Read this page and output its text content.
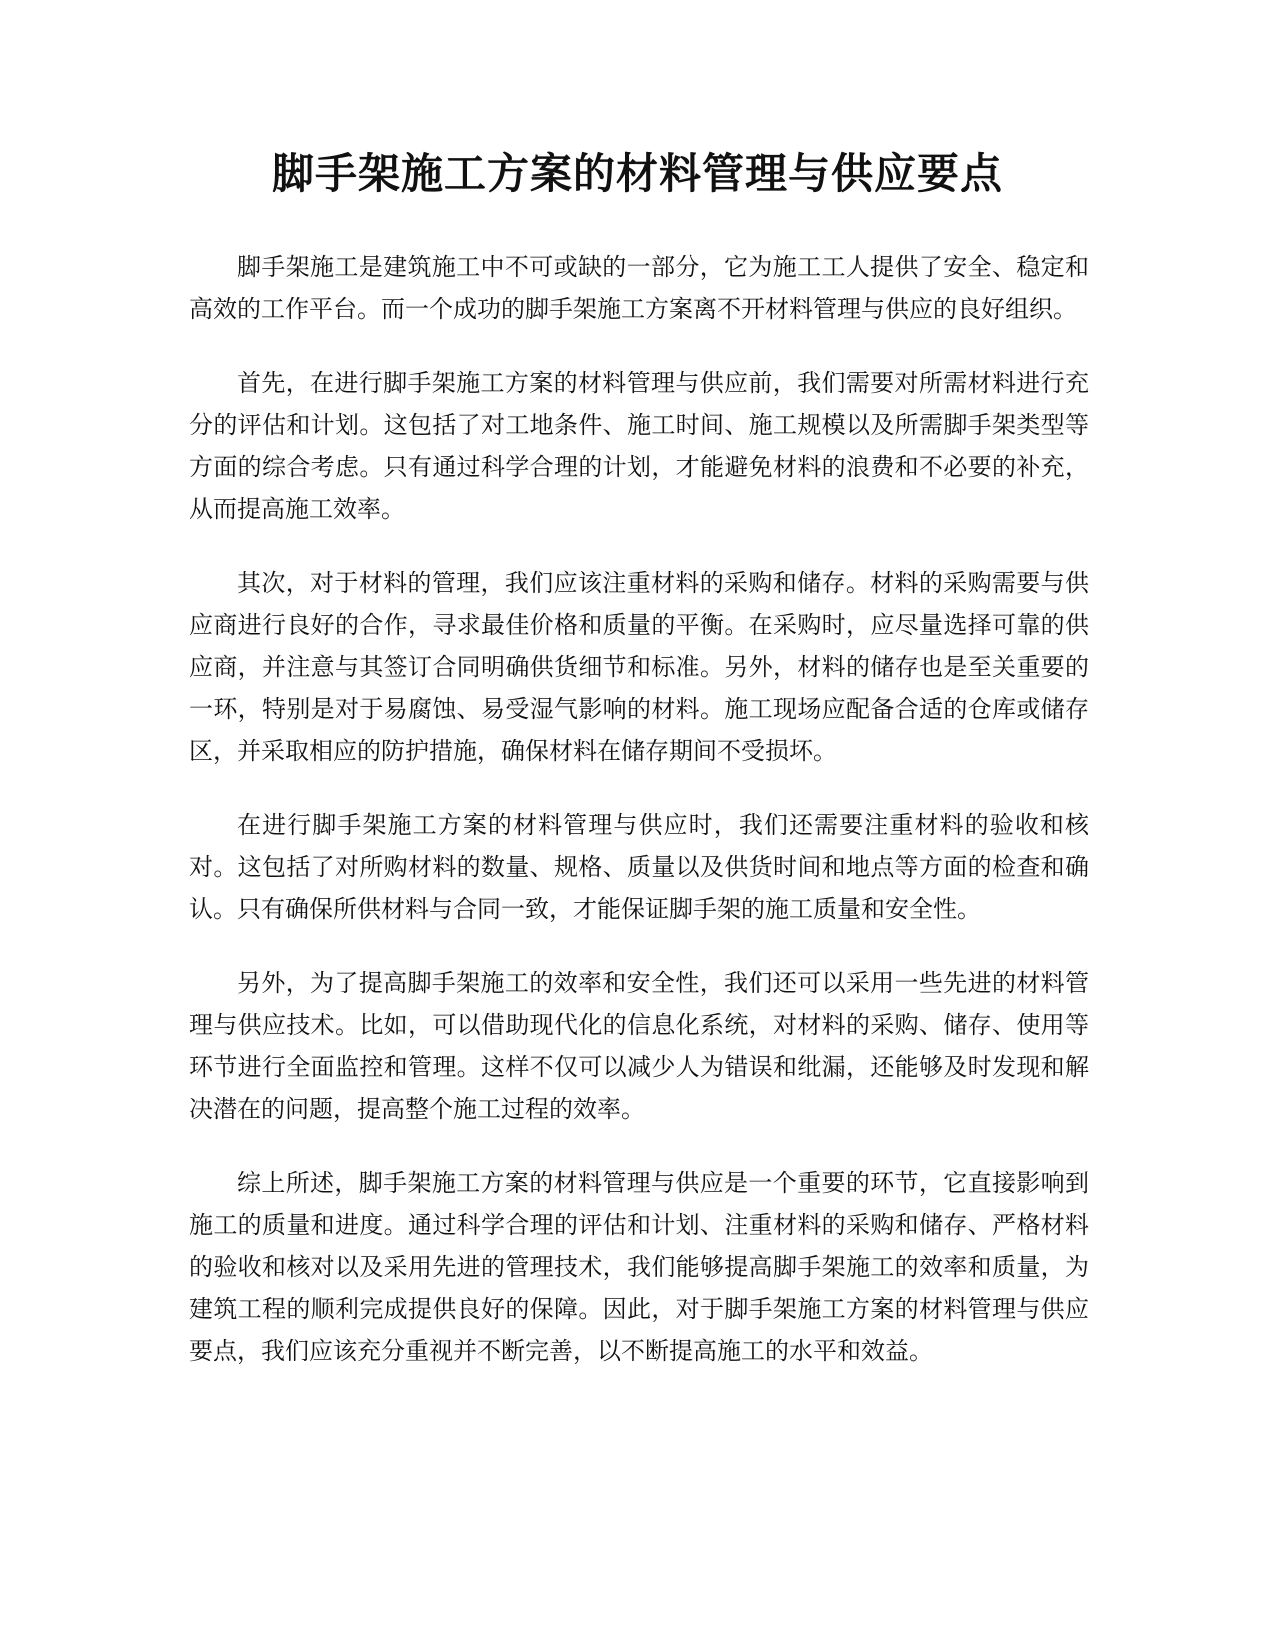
脚手架施工方案的材料管理与供应要点

脚手架施工是建筑施工中不可或缺的一部分，它为施工工人提供了安全、稳定和高效的工作平台。而一个成功的脚手架施工方案离不开材料管理与供应的良好组织。

首先，在进行脚手架施工方案的材料管理与供应前，我们需要对所需材料进行充分的评估和计划。这包括了对工地条件、施工时间、施工规模以及所需脚手架类型等方面的综合考虑。只有通过科学合理的计划，才能避免材料的浪费和不必要的补充，从而提高施工效率。

其次，对于材料的管理，我们应该注重材料的采购和储存。材料的采购需要与供应商进行良好的合作，寻求最佳价格和质量的平衡。在采购时，应尽量选择可靠的供应商，并注意与其签订合同明确供货细节和标准。另外，材料的储存也是至关重要的一环，特别是对于易腐蚀、易受湿气影响的材料。施工现场应配备合适的仓库或储存区，并采取相应的防护措施，确保材料在储存期间不受损坏。

在进行脚手架施工方案的材料管理与供应时，我们还需要注重材料的验收和核对。这包括了对所购材料的数量、规格、质量以及供货时间和地点等方面的检查和确认。只有确保所供材料与合同一致，才能保证脚手架的施工质量和安全性。

另外，为了提高脚手架施工的效率和安全性，我们还可以采用一些先进的材料管理与供应技术。比如，可以借助现代化的信息化系统，对材料的采购、储存、使用等环节进行全面监控和管理。这样不仅可以减少人为错误和纰漏，还能够及时发现和解决潜在的问题，提高整个施工过程的效率。

综上所述，脚手架施工方案的材料管理与供应是一个重要的环节，它直接影响到施工的质量和进度。通过科学合理的评估和计划、注重材料的采购和储存、严格材料的验收和核对以及采用先进的管理技术，我们能够提高脚手架施工的效率和质量，为建筑工程的顺利完成提供良好的保障。因此，对于脚手架施工方案的材料管理与供应要点，我们应该充分重视并不断完善，以不断提高施工的水平和效益。
